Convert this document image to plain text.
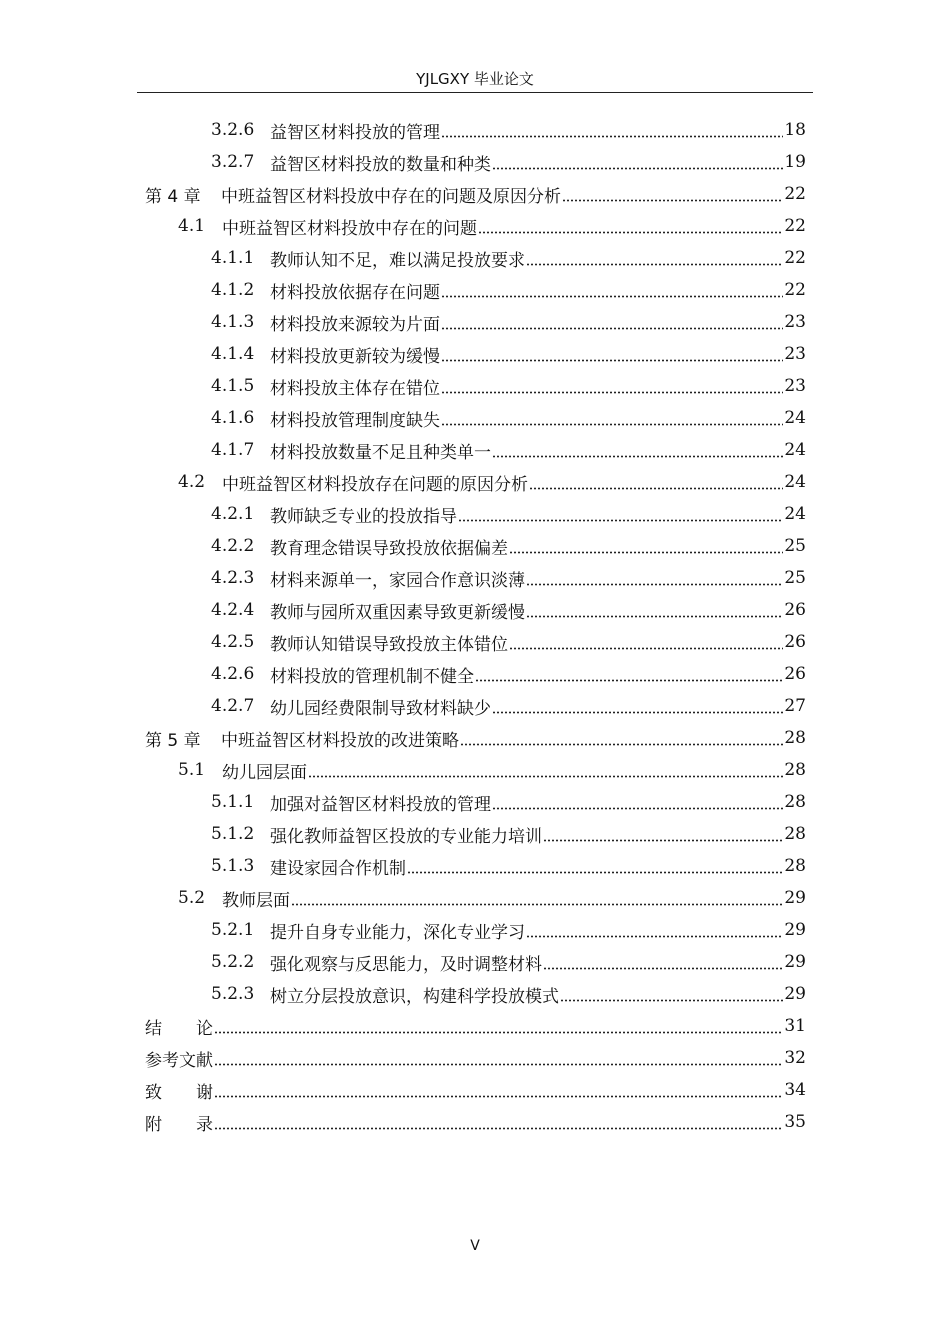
YJLGXY 毕业论文
3.2.6 益智区材料投放的管理	18
3.2.7 益智区材料投放的数量和种类	19
第 4 章	中班益智区材料投放中存在的问题及原因分析	22
4.1 中班益智区材料投放中存在的问题	22
4.1.1 教师认知不足，难以满足投放要求	22
4.1.2 材料投放依据存在问题	22
4.1.3 材料投放来源较为片面	23
4.1.4 材料投放更新较为缓慢	23
4.1.5 材料投放主体存在错位	23
4.1.6 材料投放管理制度缺失	24
4.1.7 材料投放数量不足且种类单一	24
4.2 中班益智区材料投放存在问题的原因分析	24
4.2.1 教师缺乏专业的投放指导	24
4.2.2 教育理念错误导致投放依据偏差	25
4.2.3 材料来源单一，家园合作意识淡薄	25
4.2.4 教师与园所双重因素导致更新缓慢	26
4.2.5 教师认知错误导致投放主体错位	26
4.2.6 材料投放的管理机制不健全	26
4.2.7 幼儿园经费限制导致材料缺少	27
第 5 章	中班益智区材料投放的改进策略	28
5.1 幼儿园层面	28
5.1.1 加强对益智区材料投放的管理	28
5.1.2 强化教师益智区投放的专业能力培训	28
5.1.3 建设家园合作机制	28
5.2 教师层面	29
5.2.1 提升自身专业能力，深化专业学习	29
5.2.2 强化观察与反思能力，及时调整材料	29
5.2.3 树立分层投放意识，构建科学投放模式	29
结　　论	31
参考文献	32
致　　谢	34
附　　录	35
V
